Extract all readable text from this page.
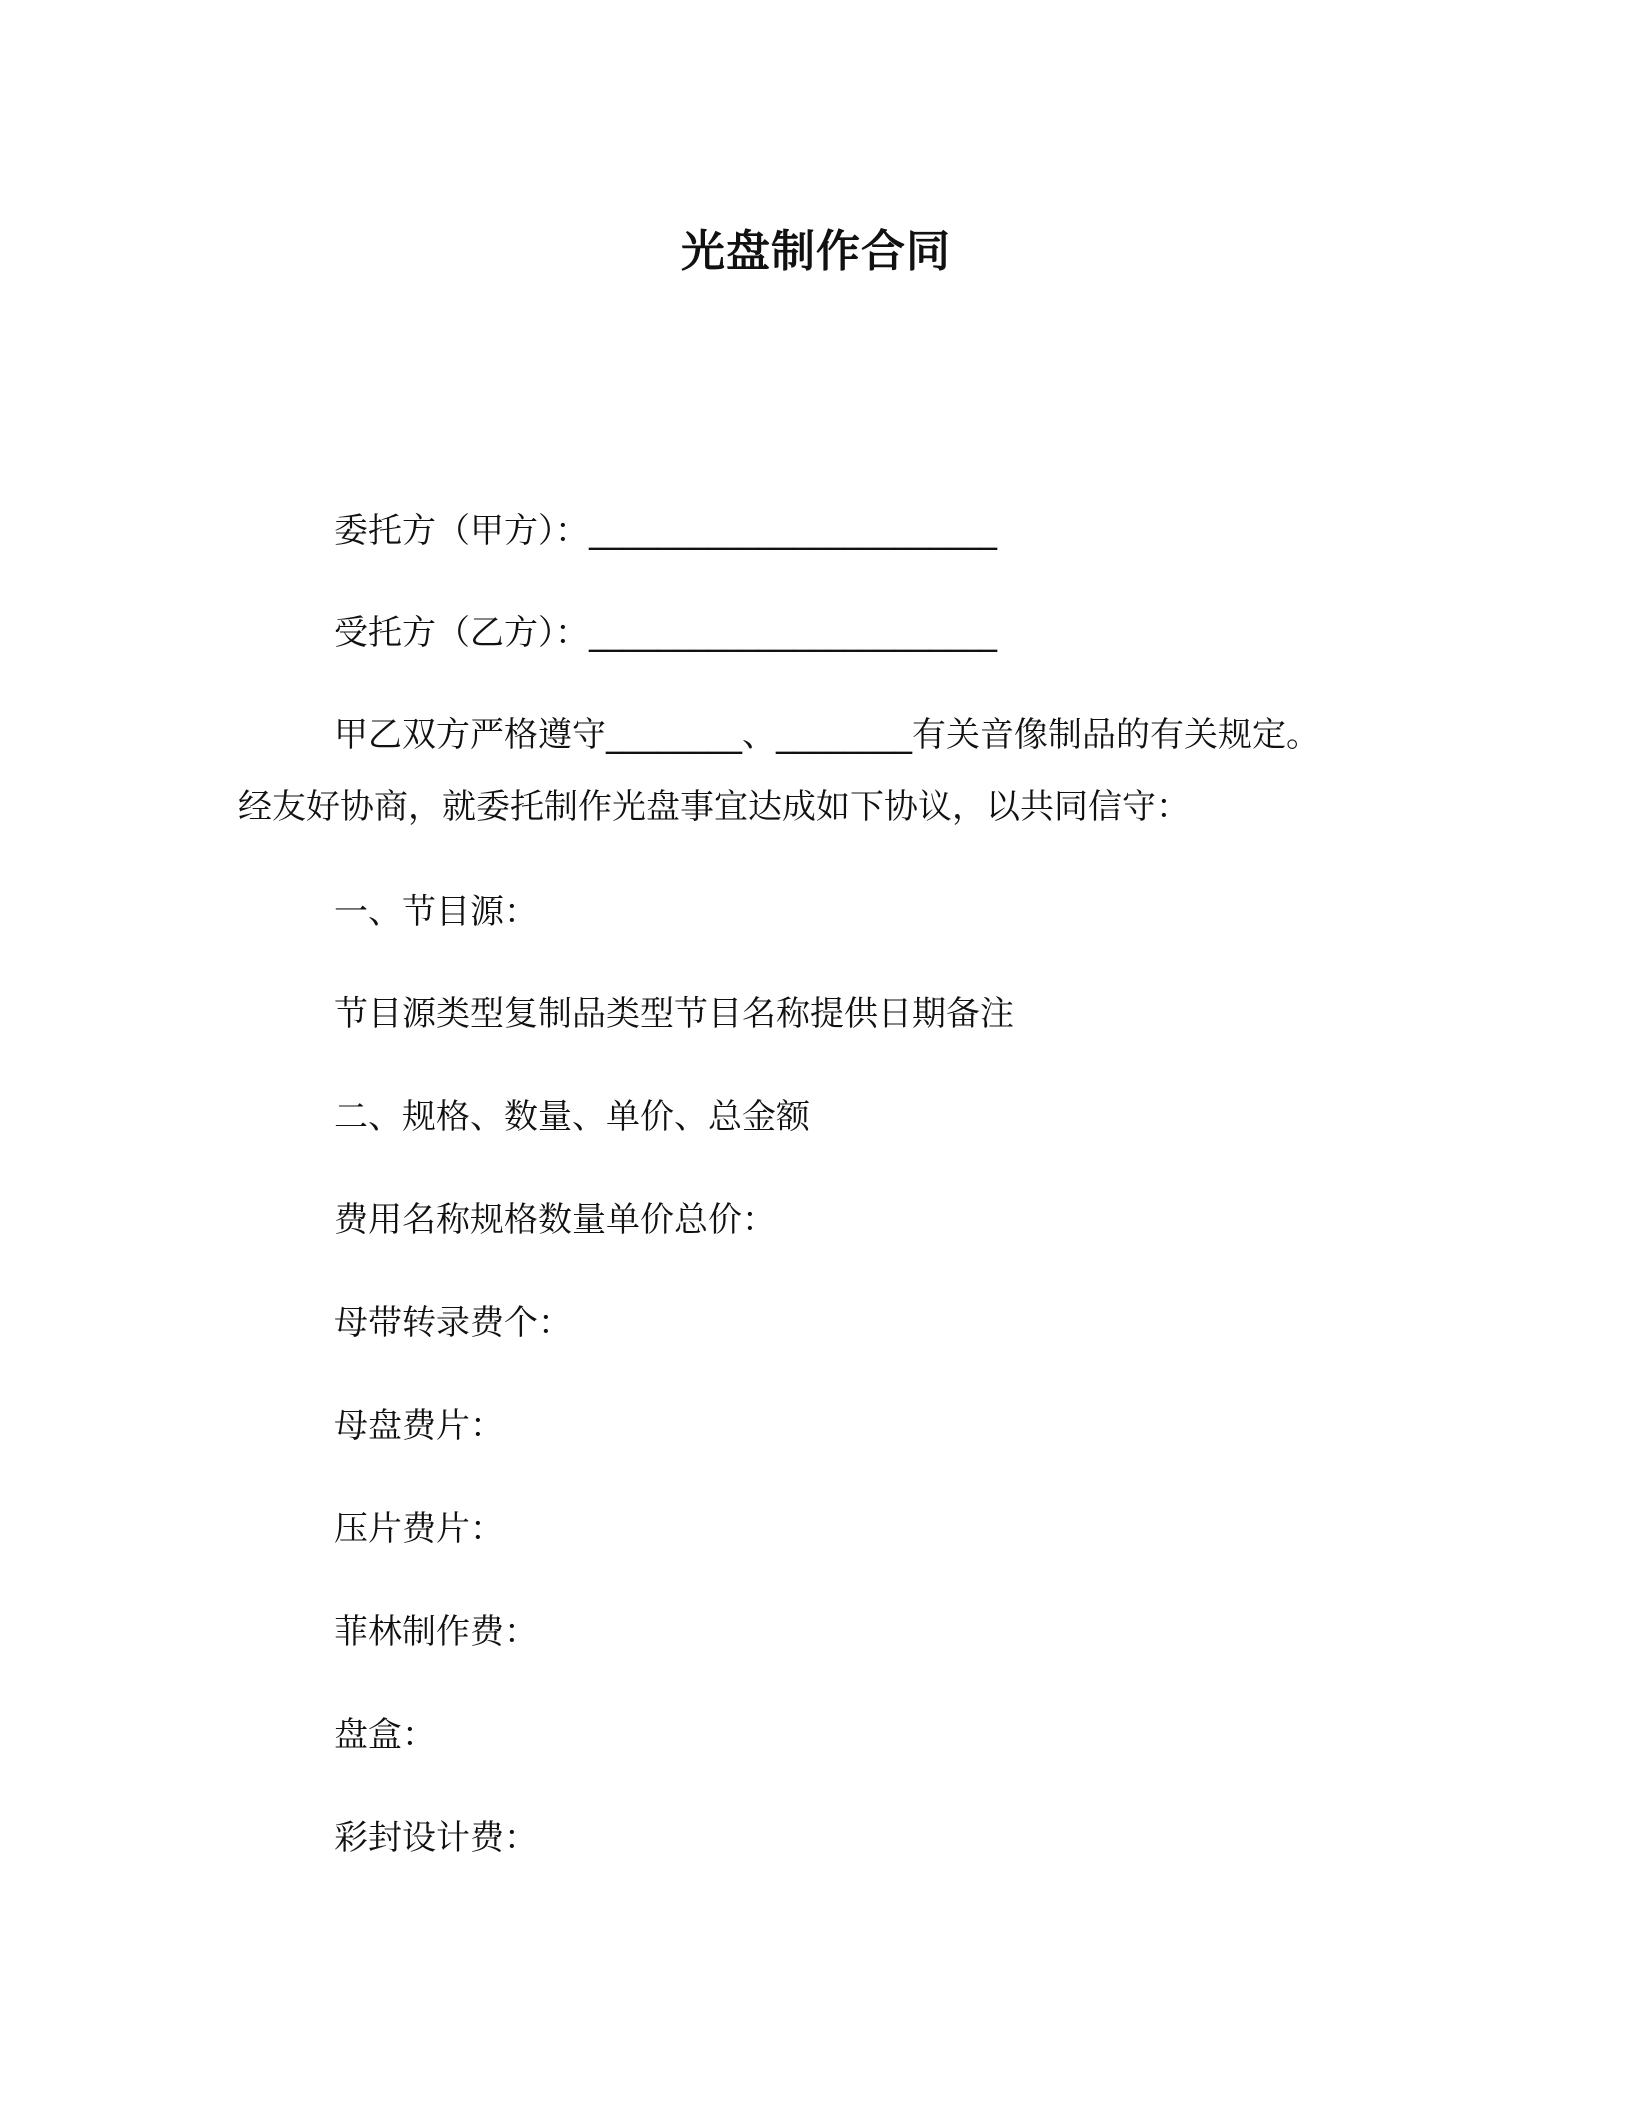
光盘制作合同
委托方（甲方）：________________________
受托方（乙方）：________________________
甲乙双方严格遵守________、________有关音像制品的有关规定。
经友好协商，就委托制作光盘事宜达成如下协议，以共同信守：
一、节目源：
节目源类型复制品类型节目名称提供日期备注
二、规格、数量、单价、总金额
费用名称规格数量单价总价：
母带转录费个：
母盘费片：
压片费片：
菲林制作费：
盘盒：
彩封设计费：
